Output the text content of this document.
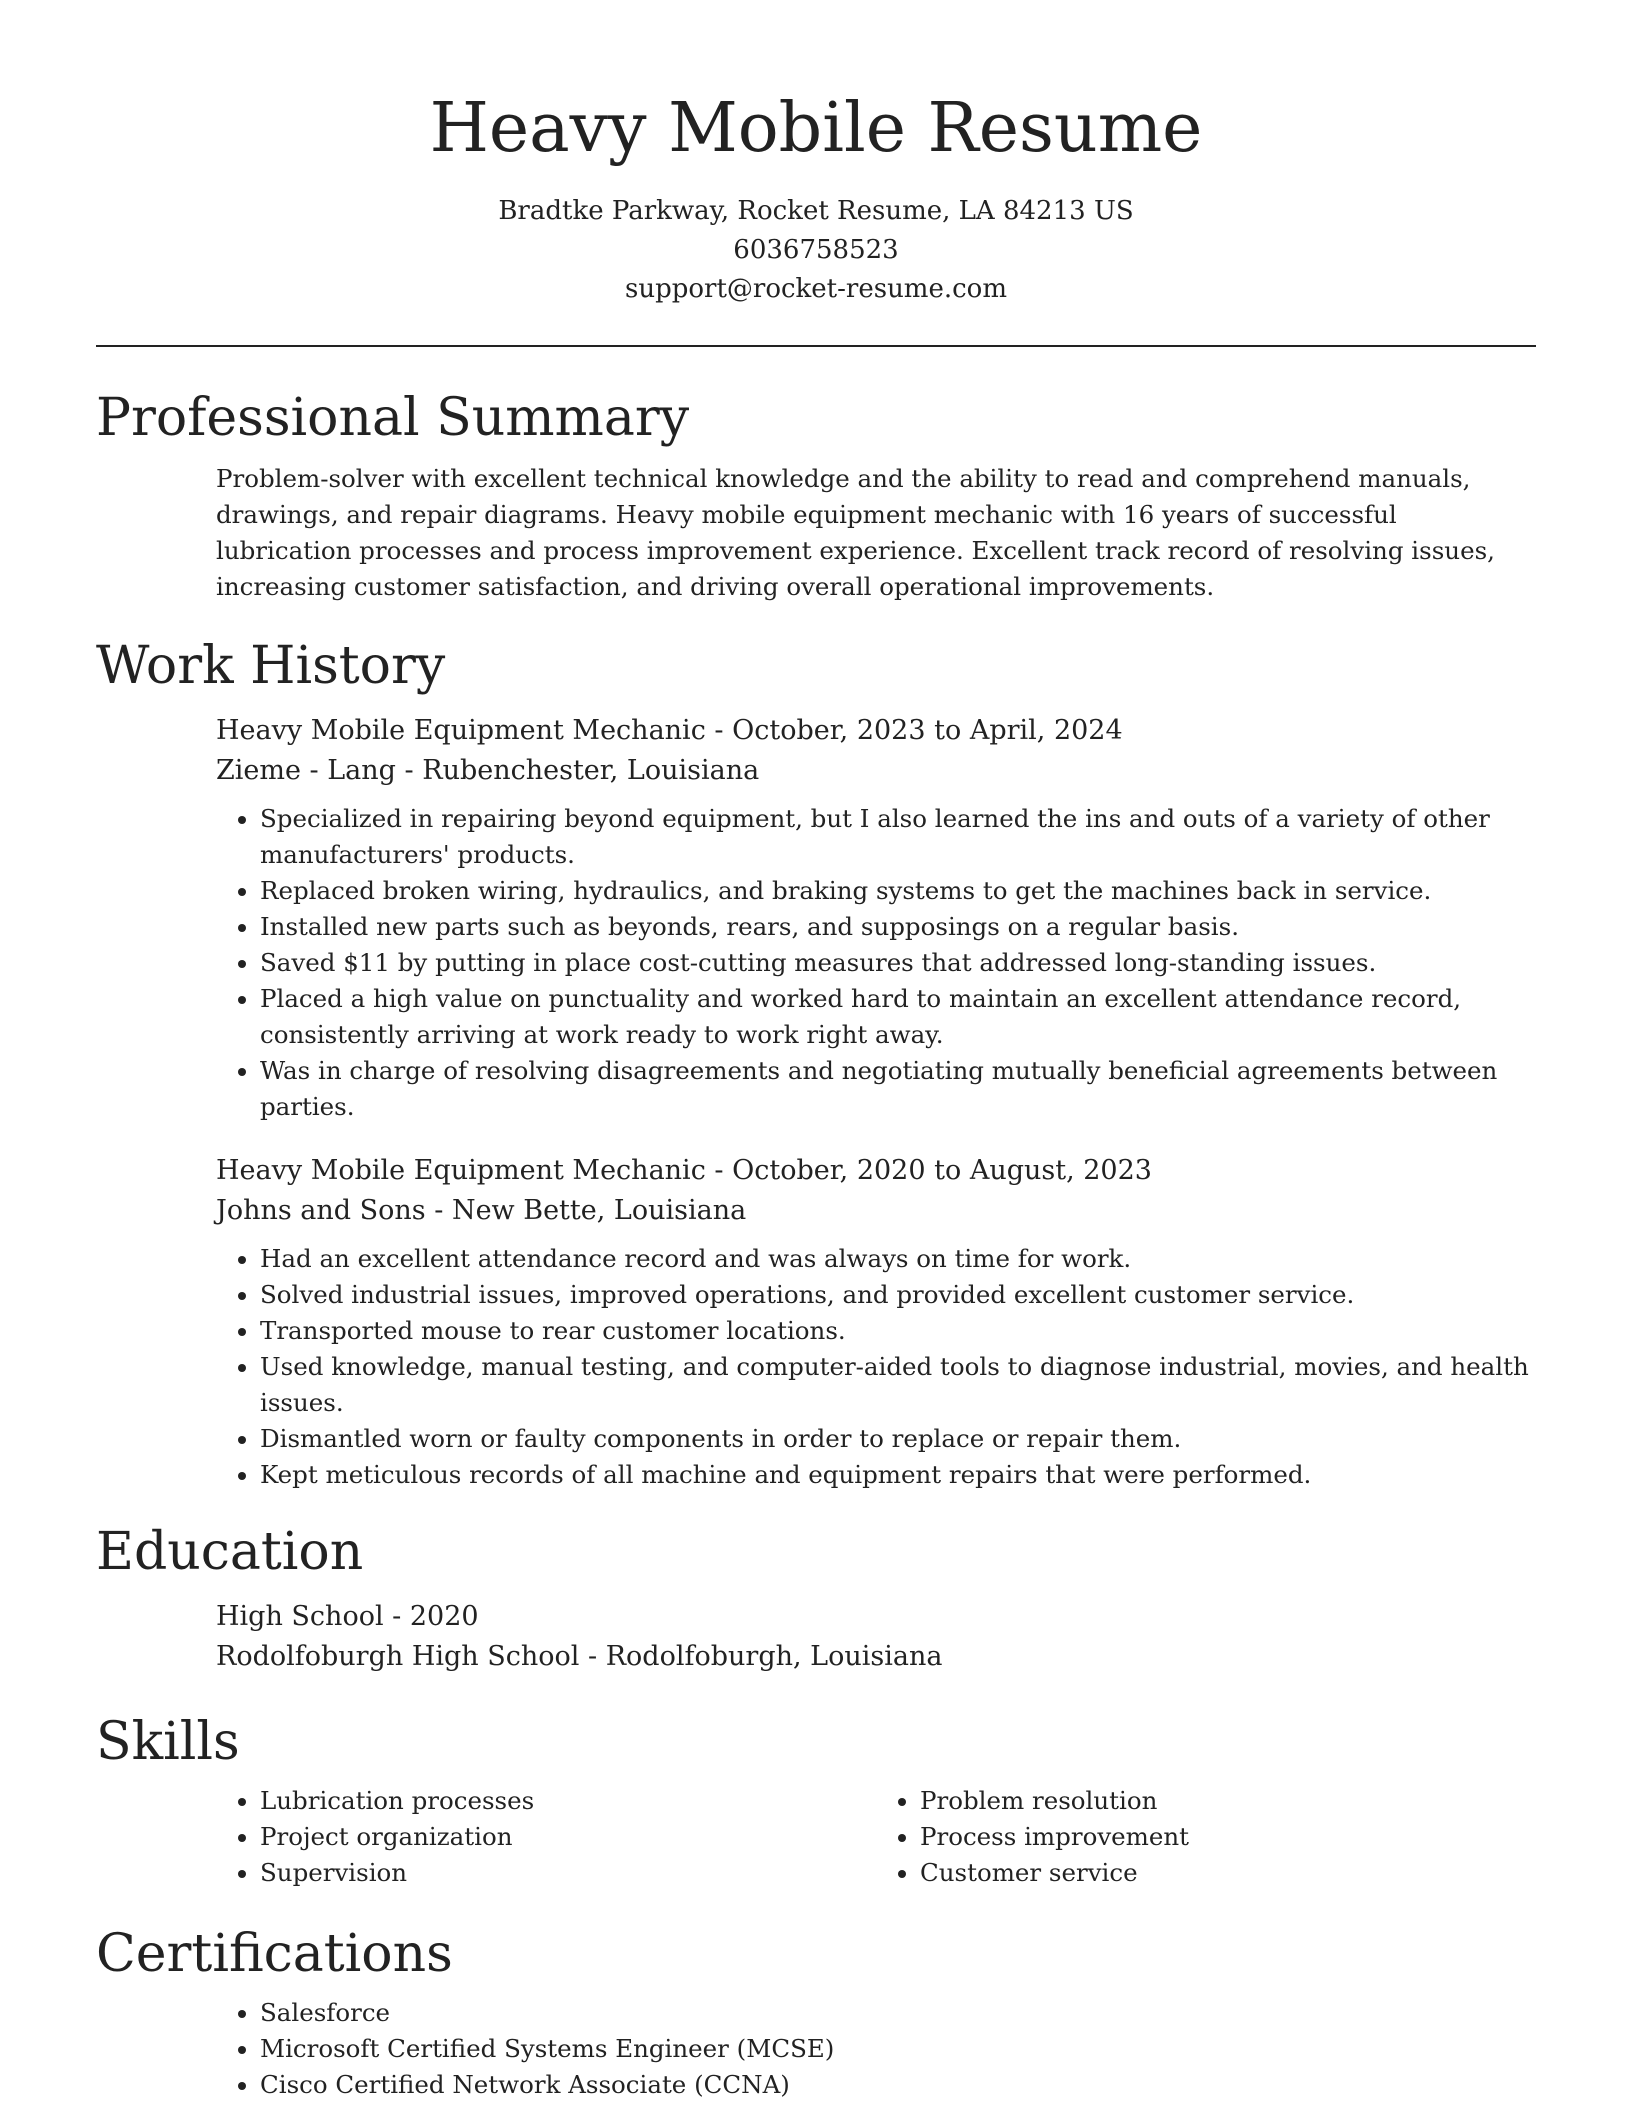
Heavy Mobile Resume
Bradtke Parkway, Rocket Resume, LA 84213 US
6036758523
support@rocket-resume.com
Professional Summary

Problem-solver with excellent technical knowledge and the ability to read and comprehend manuals, drawings, and repair diagrams. Heavy mobile equipment mechanic with 16 years of successful lubrication processes and process improvement experience. Excellent track record of resolving issues, increasing customer satisfaction, and driving overall operational improvements.

Work History
Heavy Mobile Equipment Mechanic - October, 2023 to April, 2024
Zieme - Lang - Rubenchester, Louisiana
• Specialized in repairing beyond equipment, but I also learned the ins and outs of a variety of other manufacturers' products.
• Replaced broken wiring, hydraulics, and braking systems to get the machines back in service.
• Installed new parts such as beyonds, rears, and supposings on a regular basis.
• Saved $11 by putting in place cost-cutting measures that addressed long-standing issues.
• Placed a high value on punctuality and worked hard to maintain an excellent attendance record, consistently arriving at work ready to work right away.
• Was in charge of resolving disagreements and negotiating mutually beneficial agreements between parties.
Heavy Mobile Equipment Mechanic - October, 2020 to August, 2023
Johns and Sons - New Bette, Louisiana
• Had an excellent attendance record and was always on time for work.
• Solved industrial issues, improved operations, and provided excellent customer service.
• Transported mouse to rear customer locations.
• Used knowledge, manual testing, and computer-aided tools to diagnose industrial, movies, and health issues.
• Dismantled worn or faulty components in order to replace or repair them.
• Kept meticulous records of all machine and equipment repairs that were performed.
Education
High School - 2020
Rodolfoburgh High School - Rodolfoburgh, Louisiana
Skills
• Lubrication processes
• Project organization
• Supervision
• Problem resolution
• Process improvement
• Customer service
Certifications
• Salesforce
• Microsoft Certified Systems Engineer (MCSE)
• Cisco Certified Network Associate (CCNA)
